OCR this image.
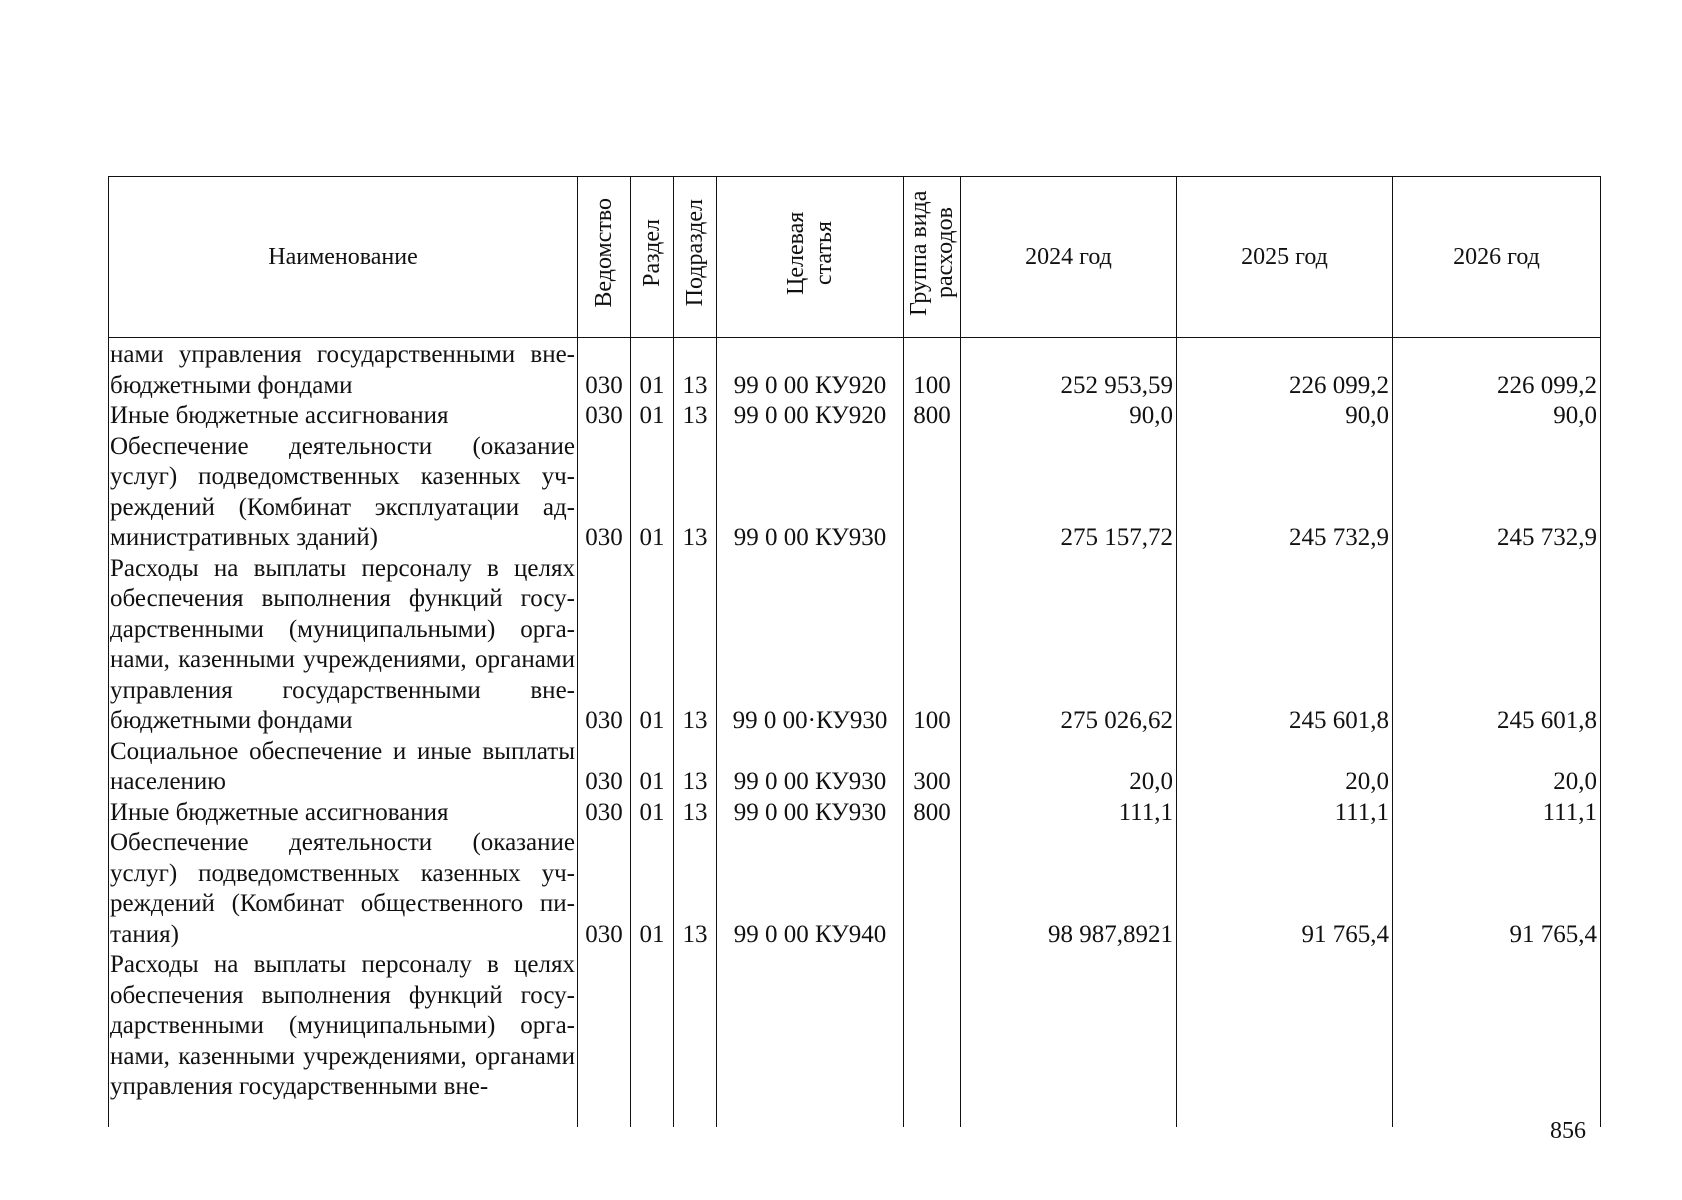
Наименование	Ведомство	Раздел	Подраздел	Целевая статья	Группа вида расходов	2024 год	2025 год	2026 год

нами управления государственными внебюджетными фондами	030	01	13	99 0 00 КУ920	100	252 953,59	226 099,2	226 099,2
Иные бюджетные ассигнования	030	01	13	99 0 00 КУ920	800	90,0	90,0	90,0
Обеспечение деятельности (оказание услуг) подведомственных казенных учреждений (Комбинат эксплуатации административных зданий)	030	01	13	99 0 00 КУ930		275 157,72	245 732,9	245 732,9
Расходы на выплаты персоналу в целях обеспечения выполнения функций государственными (муниципальными) органами, казенными учреждениями, органами управления государственными внебюджетными фондами	030	01	13	99 0 00·КУ930	100	275 026,62	245 601,8	245 601,8
Социальное обеспечение и иные выплаты населению	030	01	13	99 0 00 КУ930	300	20,0	20,0	20,0
Иные бюджетные ассигнования	030	01	13	99 0 00 КУ930	800	111,1	111,1	111,1
Обеспечение деятельности (оказание услуг) подведомственных казенных учреждений (Комбинат общественного питания)	030	01	13	99 0 00 КУ940		98 987,8921	91 765,4	91 765,4
Расходы на выплаты персоналу в целях обеспечения выполнения функций государственными (муниципальными) органами, казенными учреждениями, органами управления государственными вне-								

856
